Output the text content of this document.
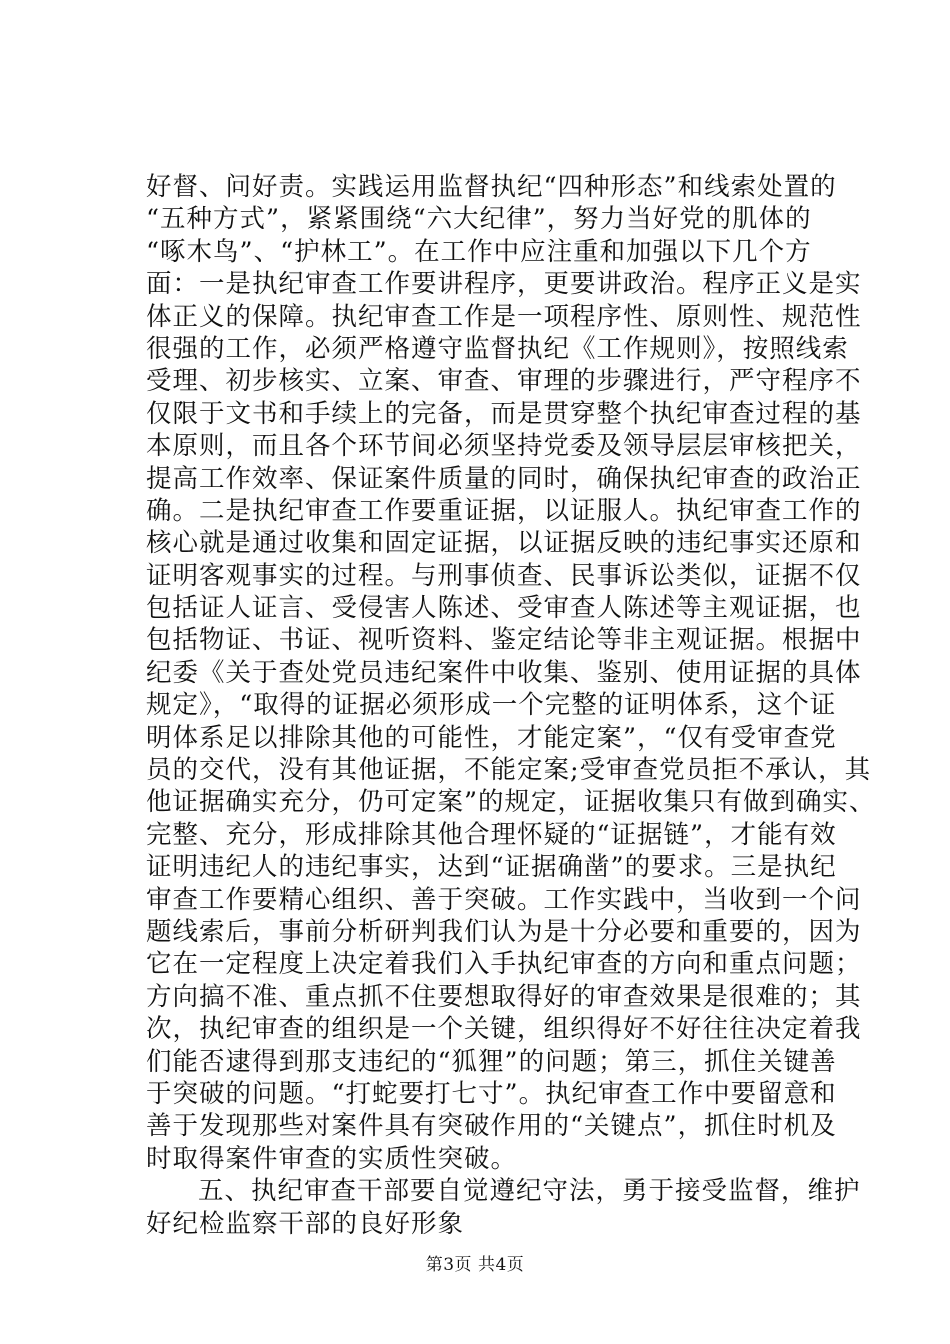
好督、问好责。实践运用监督执纪“四种形态”和线索处置的
“五种方式”，紧紧围绕“六大纪律”，努力当好党的肌体的
“啄木鸟”、“护林工”。在工作中应注重和加强以下几个方
面：一是执纪审查工作要讲程序，更要讲政治。程序正义是实
体正义的保障。执纪审查工作是一项程序性、原则性、规范性
很强的工作，必须严格遵守监督执纪《工作规则》，按照线索
受理、初步核实、立案、审查、审理的步骤进行，严守程序不
仅限于文书和手续上的完备，而是贯穿整个执纪审查过程的基
本原则，而且各个环节间必须坚持党委及领导层层审核把关，
提高工作效率、保证案件质量的同时，确保执纪审查的政治正
确。二是执纪审查工作要重证据，以证服人。执纪审查工作的
核心就是通过收集和固定证据，以证据反映的违纪事实还原和
证明客观事实的过程。与刑事侦查、民事诉讼类似，证据不仅
包括证人证言、受侵害人陈述、受审查人陈述等主观证据，也
包括物证、书证、视听资料、鉴定结论等非主观证据。根据中
纪委《关于查处党员违纪案件中收集、鉴别、使用证据的具体
规定》，“取得的证据必须形成一个完整的证明体系，这个证
明体系足以排除其他的可能性，才能定案”，“仅有受审查党
员的交代，没有其他证据，不能定案;受审查党员拒不承认，其
他证据确实充分，仍可定案”的规定，证据收集只有做到确实、
完整、充分，形成排除其他合理怀疑的“证据链”，才能有效
证明违纪人的违纪事实，达到“证据确凿”的要求。三是执纪
审查工作要精心组织、善于突破。工作实践中，当收到一个问
题线索后，事前分析研判我们认为是十分必要和重要的，因为
它在一定程度上决定着我们入手执纪审查的方向和重点问题；
方向搞不准、重点抓不住要想取得好的审查效果是很难的；其
次，执纪审查的组织是一个关键，组织得好不好往往决定着我
们能否逮得到那支违纪的“狐狸”的问题；第三，抓住关键善
于突破的问题。“打蛇要打七寸”。执纪审查工作中要留意和
善于发现那些对案件具有突破作用的“关键点”，抓住时机及
时取得案件审查的实质性突破。
五、执纪审查干部要自觉遵纪守法，勇于接受监督，维护
好纪检监察干部的良好形象
第3页 共4页
